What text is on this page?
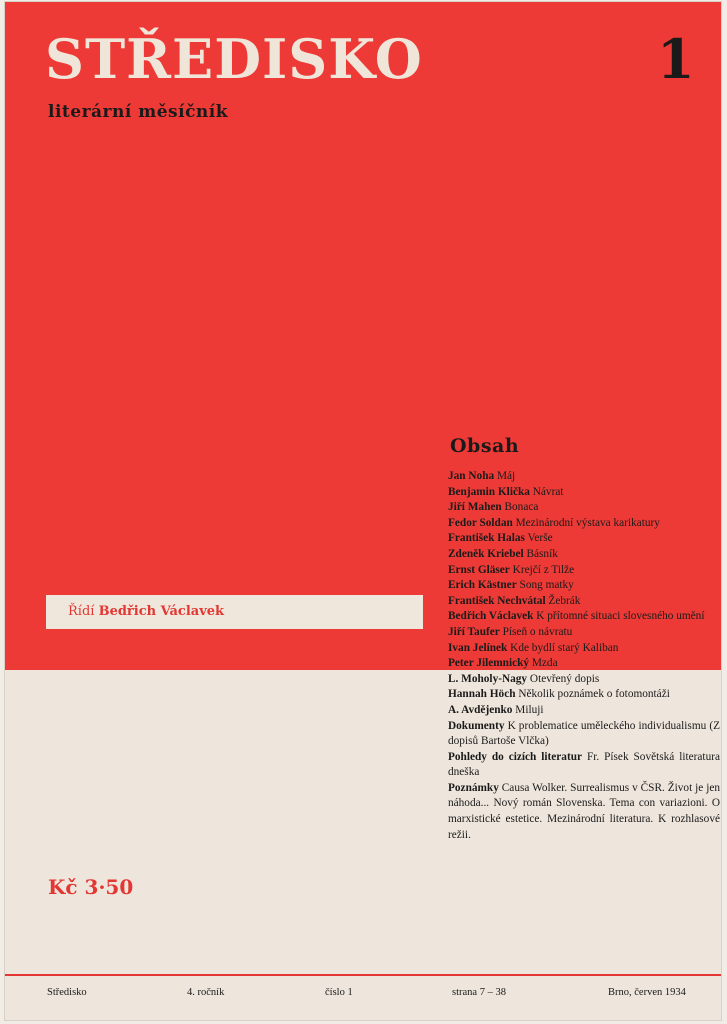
STŘEDISKO	1
literární měsíčník
Řídí Bedřich Václavek
Obsah
Jan Noha Máj
Benjamin Klička Návrat
Jiří Mahen Bonaca
Fedor Soldan Mezinárodní výstava karikatury
František Halas Verše
Zdeněk Kriebel Básník
Ernst Gläser Krejčí z Tilže
Erich Kästner Song matky
František Nechvátal Žebrák
Bedřich Václavek K přítomné situaci slovesného umění
Jiří Taufer Píseň o návratu
Ivan Jelínek Kde bydlí starý Kaliban
Peter Jilemnický Mzda
L. Moholy-Nagy Otevřený dopis
Hannah Höch Několik poznámek o fotomontáži
A. Avdějenko Miluji
Dokumenty K problematice uměleckého individualismu (Z dopisů Bartoše Vlčka)
Pohledy do cizích literatur Fr. Písek Sovětská literatura dneška
Poznámky Causa Wolker. Surrealismus v ČSR. Život je jen náhoda... Nový román Slovenska. Tema con variazioni. O marxistické estetice. Mezinárodní literatura. K rozhlasové režii.
Kč 3·50
Středisko	4. ročník	číslo 1	strana 7 – 38	Brno, červen 1934
